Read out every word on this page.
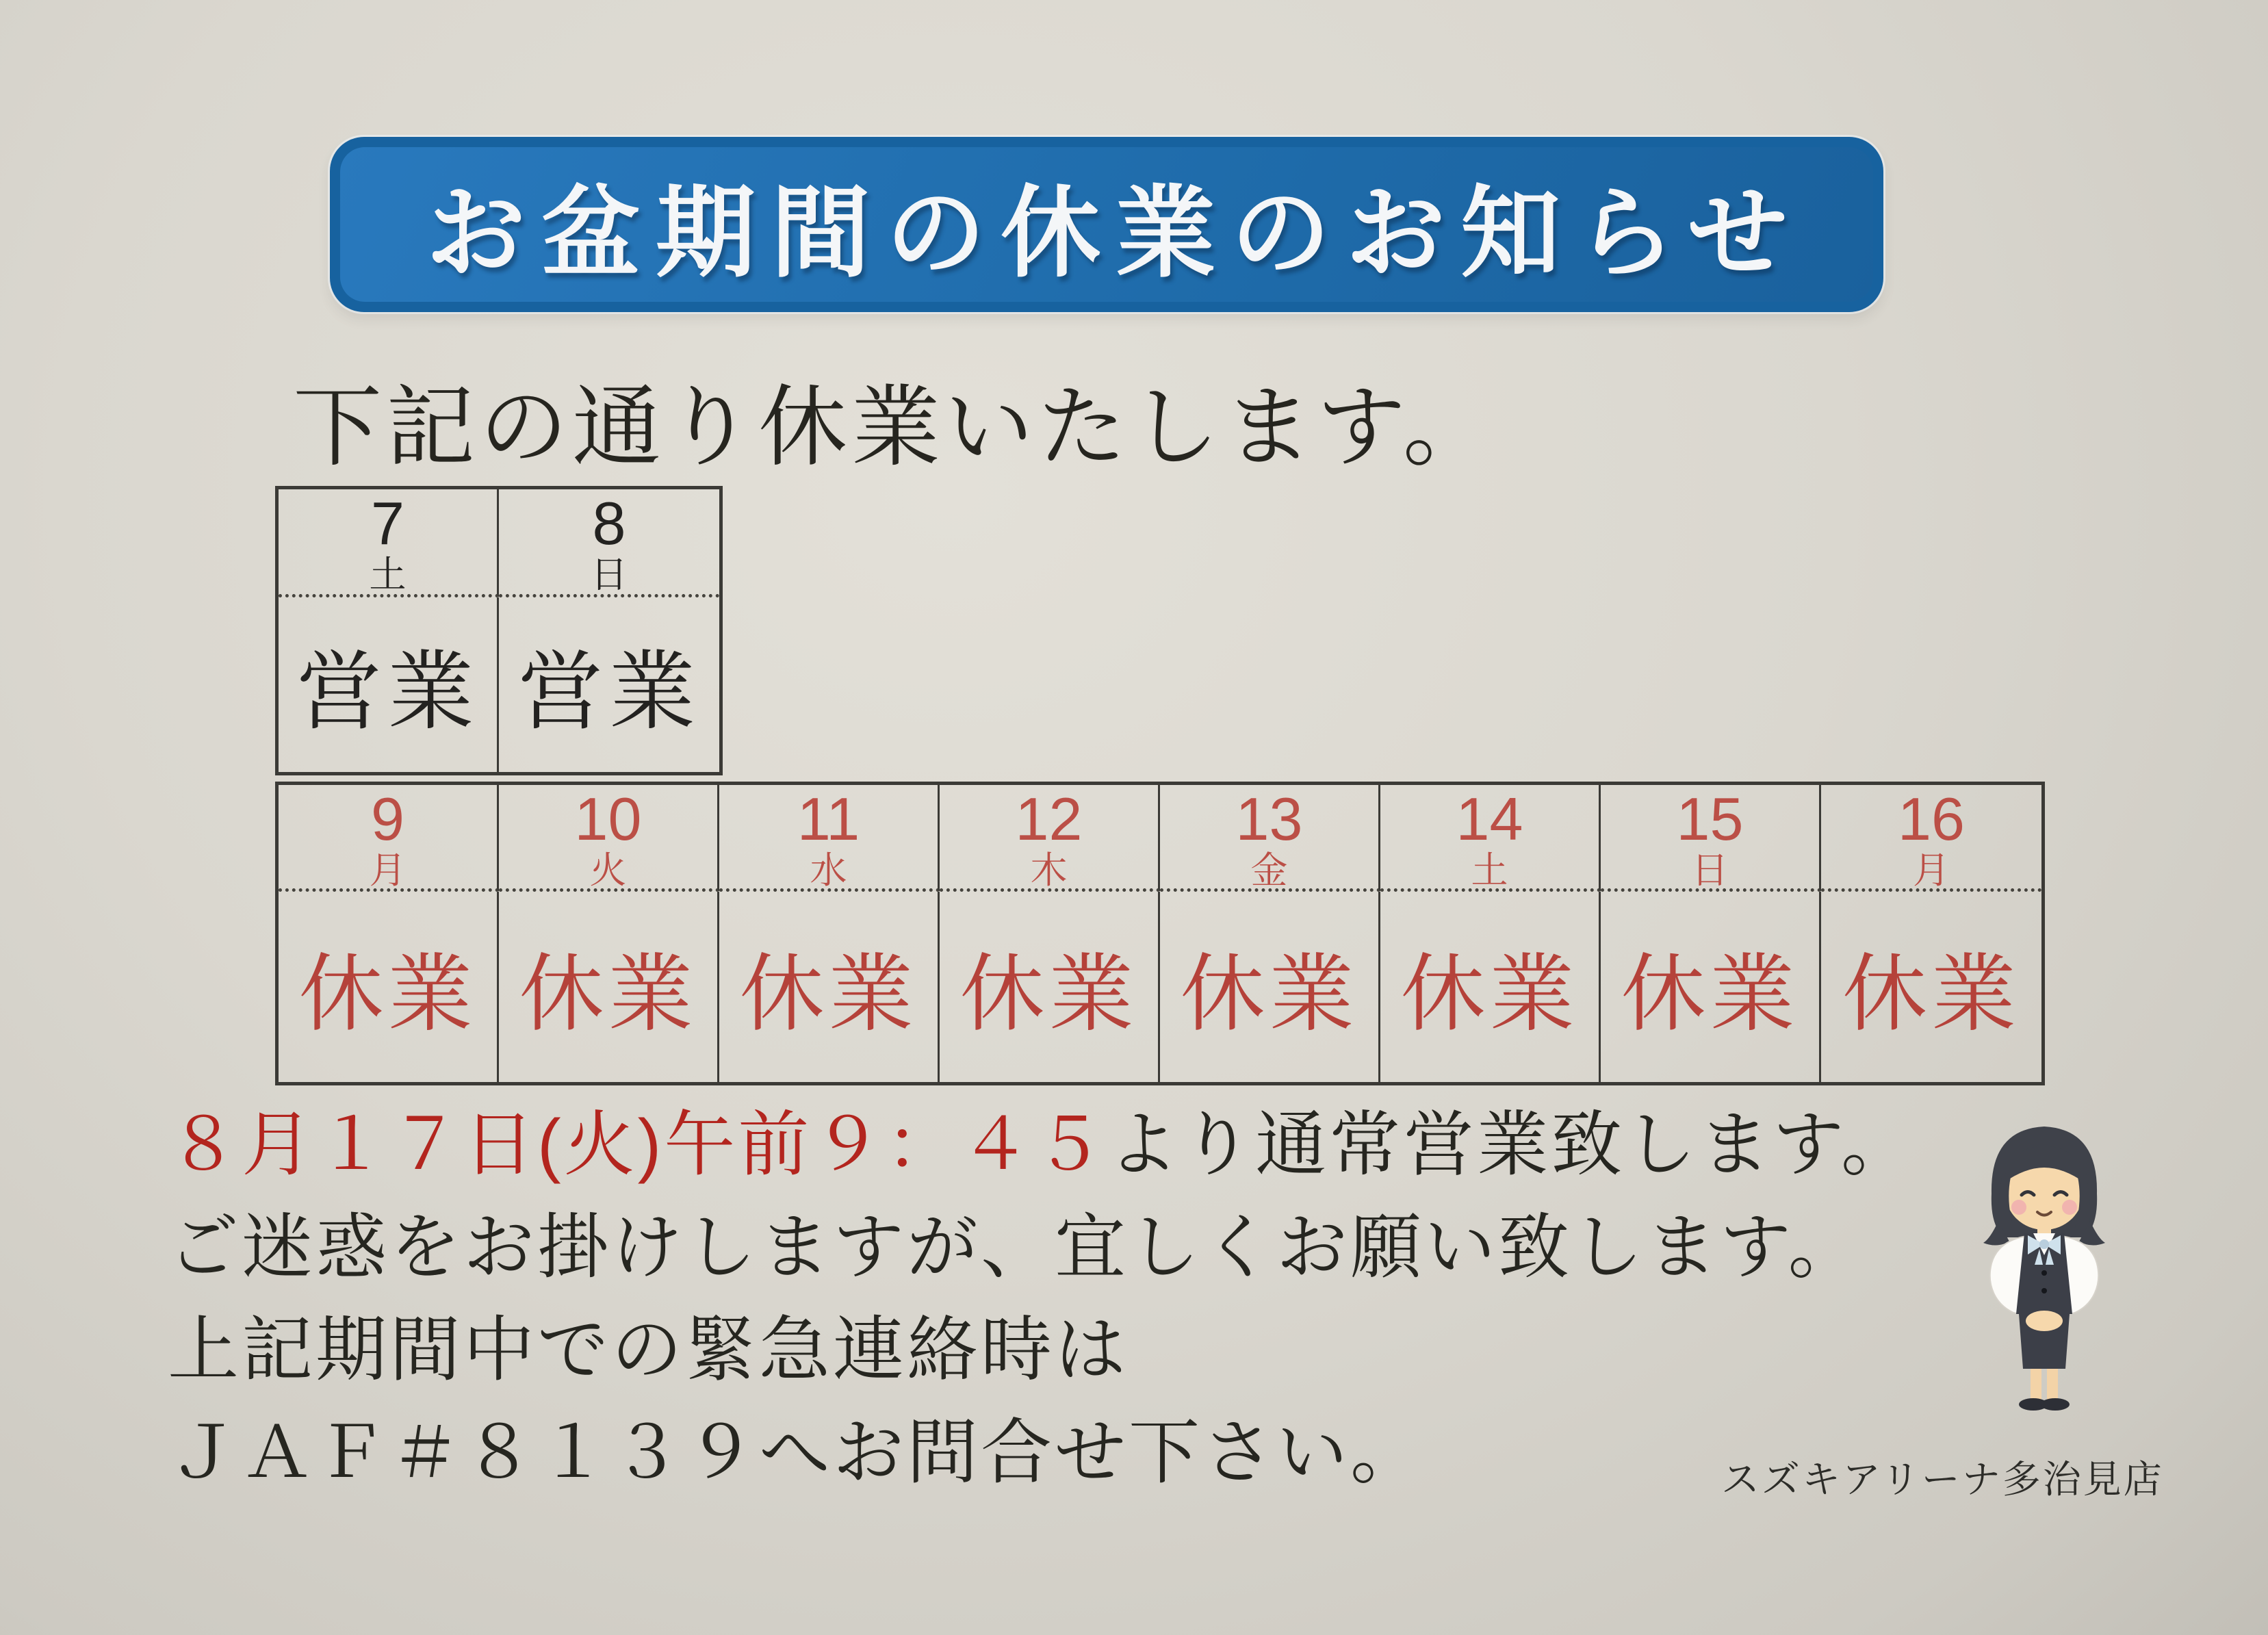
お盆期間の休業のお知らせ
下記の通り休業いたします。
7
土
8
日
営業 営業
9
月
10
火
11
水
12
木
13
金
14
土
15
日
16
月
休業 休業 休業 休業 休業 休業 休業 休業
８月１７日(火)午前９：４５より通常営業致します。
ご迷惑をお掛けしますが、宜しくお願い致します。
上記期間中での緊急連絡時は
ＪＡＦ＃８１３９へお問合せ下さい。	スズキアリーナ多治見店
